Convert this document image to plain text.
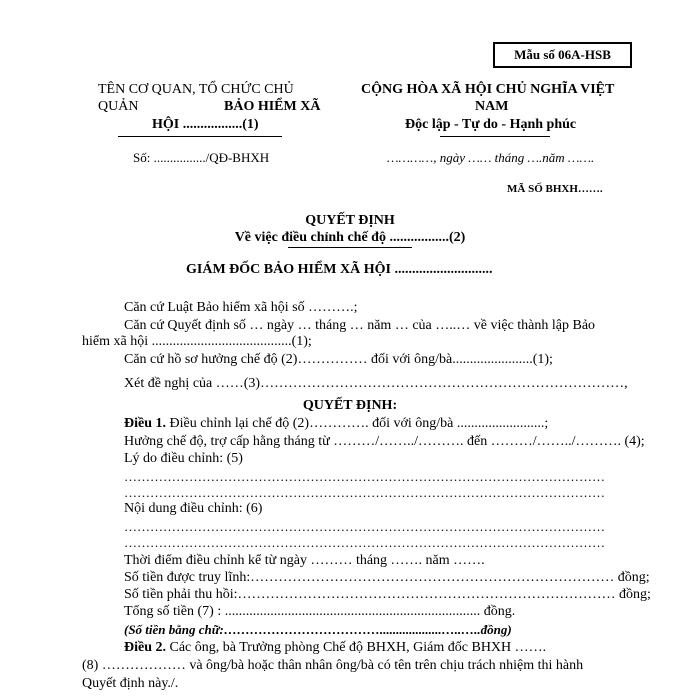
Mẫu số 06A-HSB
TÊN CƠ QUAN, TỔ CHỨC CHỦ
QUẢN	BẢO HIỂM XÃ
HỘI .................(1)
Số: ................/QĐ-BHXH
CỘNG HÒA XÃ HỘI CHỦ NGHĨA VIỆT
NAM
Độc lập - Tự do - Hạnh phúc
…………, ngày …… tháng ….năm …….
MÃ SỐ BHXH…….
QUYẾT ĐỊNH
Về việc điều chỉnh chế độ .................(2)
GIÁM ĐỐC BẢO HIỂM XÃ HỘI ............................
Căn cứ Luật Bảo hiểm xã hội số ……….;
Căn cứ Quyết định số … ngày … tháng … năm … của …..… về việc thành lập Bảo
hiểm xã hội ........................................(1);
Căn cứ hồ sơ hưởng chế độ (2)…………… đối với ông/bà.......................(1);
Xét đề nghị của ……(3)……………………………………………………………………,
QUYẾT ĐỊNH:
Điều 1. Điều chỉnh lại chế độ (2)…………. đối với ông/bà .........................;
Hưởng chế độ, trợ cấp hằng tháng từ ………/……../………. đến ………/……../………. (4);
Lý do điều chỉnh: (5)
…………………………………………………………………………………………………
…………………………………………………………………………………………………
Nội dung điều chỉnh: (6)
…………………………………………………………………………………………………
…………………………………………………………………………………………………
Thời điểm điều chỉnh kể từ ngày ……… tháng ……. năm …….
Số tiền được truy lĩnh:…………………………………………………………………… đồng;
Số tiền phải thu hồi:……………………………………………………………………… đồng;
Tổng số tiền (7) : ......................................................................... đồng.
(Số tiền bằng chữ:………………………………...................…..…..đồng)
Điều 2. Các ông, bà Trưởng phòng Chế độ BHXH, Giám đốc BHXH …….
(8) ……………… và ông/bà hoặc thân nhân ông/bà có tên trên chịu trách nhiệm thi hành
Quyết định này./.
